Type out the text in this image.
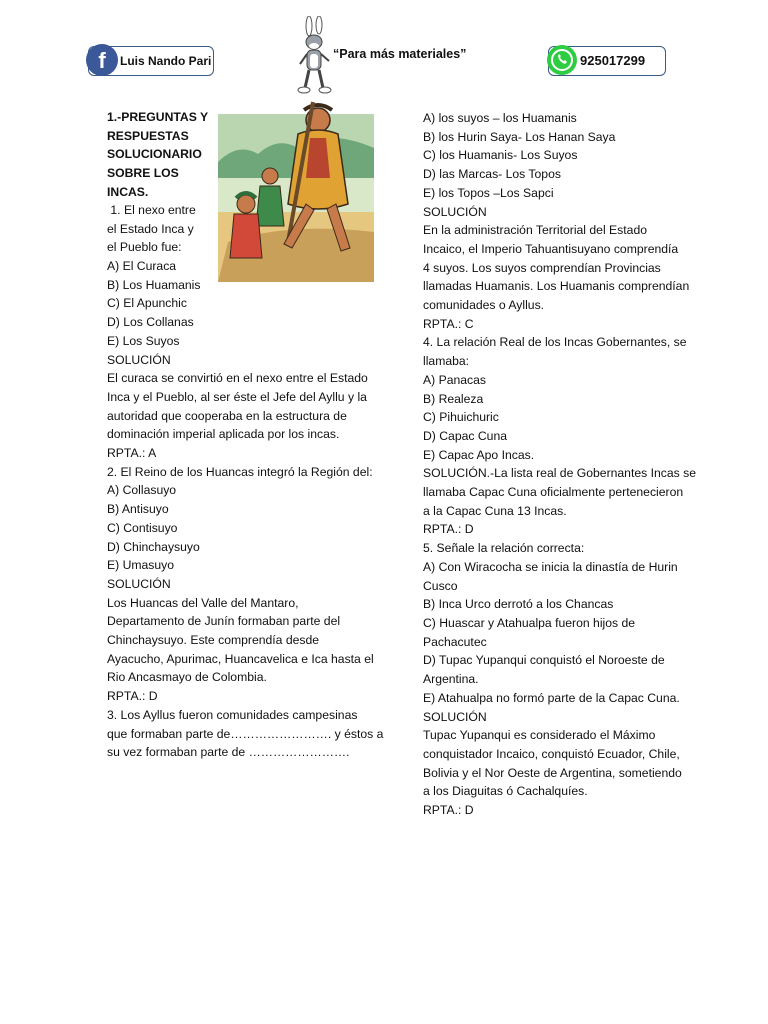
f	Luis Nando Pari	“Para más materiales”	925017299

1.-PREGUNTAS Y

RESPUESTAS

SOLUCIONARIO

SOBRE LOS

INCAS.

1. El nexo entre

el Estado Inca y

el Pueblo fue:

A) El Curaca

B) Los Huamanis

C) El Apunchic

D) Los Collanas

E) Los Suyos

SOLUCIÓN

El curaca se convirtió en el nexo entre el Estado

Inca y el Pueblo, al ser éste el Jefe del Ayllu y la

autoridad que cooperaba en la estructura de

dominación imperial aplicada por los incas.

RPTA.: A

2. El Reino de los Huancas integró la Región del:

A) Collasuyo

B) Antisuyo

C) Contisuyo

D) Chinchaysuyo

E) Umasuyo

SOLUCIÓN

Los Huancas del Valle del Mantaro,

Departamento de Junín formaban parte del

Chinchaysuyo. Este comprendía desde

Ayacucho, Apurimac, Huancavelica e Ica hasta el

Rio Ancasmayo de Colombia.

RPTA.: D

3. Los Ayllus fueron comunidades campesinas

que formaban parte de……………………. y éstos a

su vez formaban parte de …………………….

A) los suyos – los Huamanis

B) los Hurin Saya- Los Hanan Saya

C) los Huamanis- Los Suyos

D) las Marcas- Los Topos

E) los Topos –Los Sapci

SOLUCIÓN

En la administración Territorial del Estado

Incaico, el Imperio Tahuantisuyano comprendía

4 suyos. Los suyos comprendían Provincias

llamadas Huamanis. Los Huamanis comprendían

comunidades o Ayllus.

RPTA.: C

4. La relación Real de los Incas Gobernantes, se

llamaba:

A) Panacas

B) Realeza

C) Pihuichuric

D) Capac Cuna

E) Capac Apo Incas.

SOLUCIÓN.-La lista real de Gobernantes Incas se

llamaba Capac Cuna oficialmente pertenecieron

a la Capac Cuna 13 Incas.

RPTA.: D

5. Señale la relación correcta:

A) Con Wiracocha se inicia la dinastía de Hurin

Cusco

B) Inca Urco derrotó a los Chancas

C) Huascar y Atahualpa fueron hijos de

Pachacutec

D) Tupac Yupanqui conquistó el Noroeste de

Argentina.

E) Atahualpa no formó parte de la Capac Cuna.

SOLUCIÓN

Tupac Yupanqui es considerado el Máximo

conquistador Incaico, conquistó Ecuador, Chile,

Bolivia y el Nor Oeste de Argentina, sometiendo

a los Diaguitas ó Cachalquíes.

RPTA.: D
